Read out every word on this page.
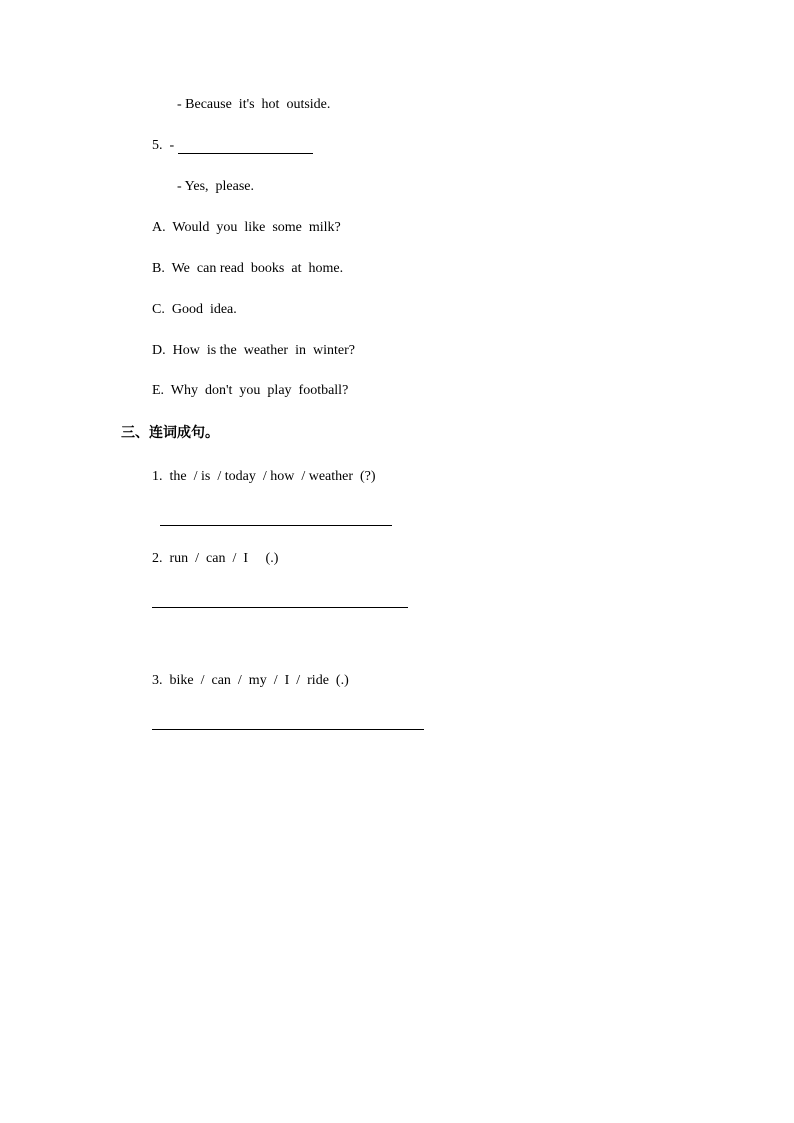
- Because  it's  hot  outside.
5.  -
- Yes,  please.
A.  Would  you  like  some  milk?
B.  We  can read  books  at  home.
C.  Good  idea.
D.  How  is the  weather  in  winter?
E.  Why  don't  you  play  football?
三、连词成句。
1.  the  / is  / today  / how  / weather  (?)
2.  run  /  can  /  I     (.)
3.  bike  /  can  /  my  /  I  /  ride  (.)
